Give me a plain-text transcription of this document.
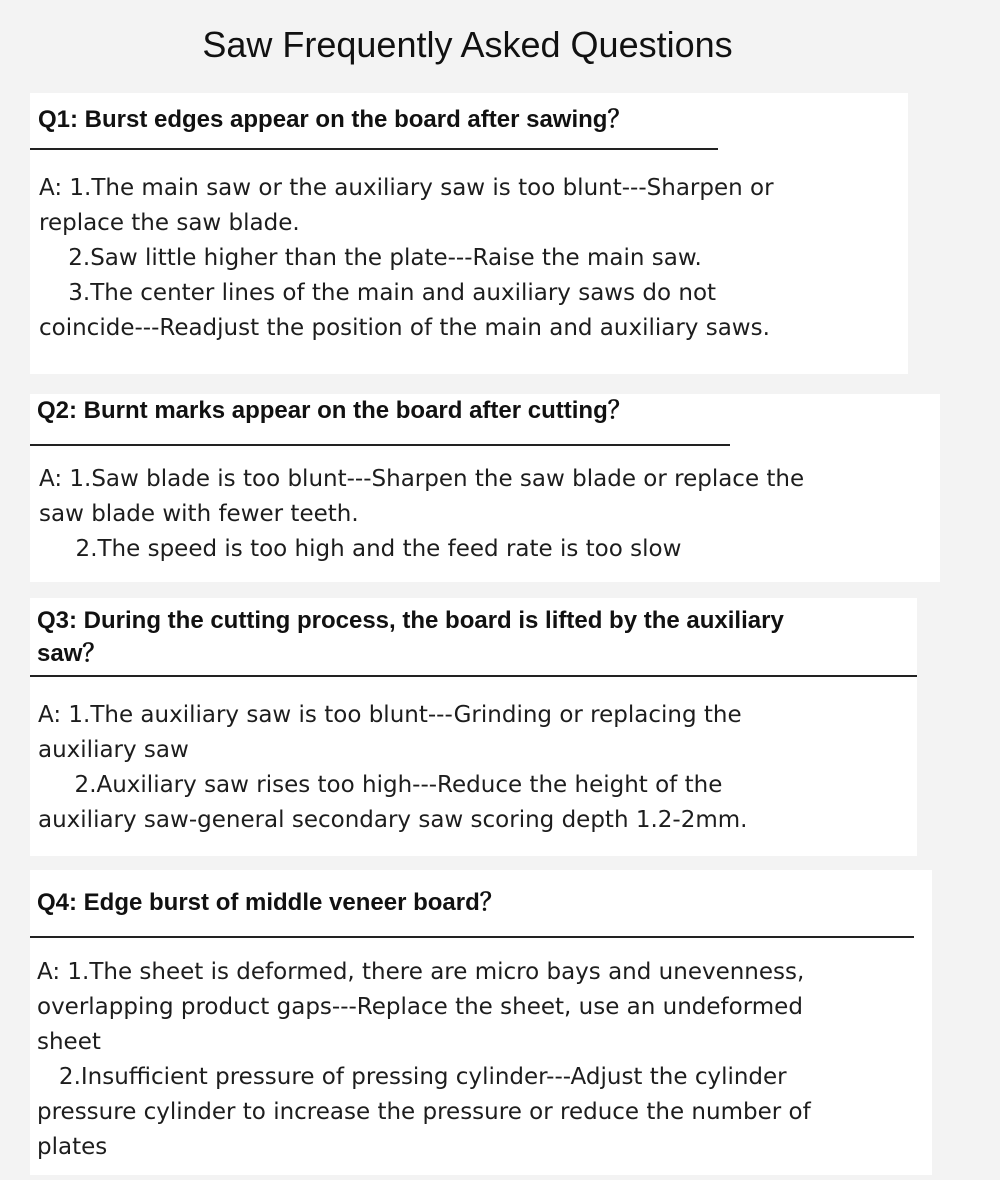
Saw Frequently Asked Questions

Q1: Burst edges appear on the board after sawing？

A: 1.The main saw or the auxiliary saw is too blunt---Sharpen or
replace the saw blade.
2.Saw little higher than the plate---Raise the main saw.
3.The center lines of the main and auxiliary saws do not
coincide---Readjust the position of the main and auxiliary saws.

Q2: Burnt marks appear on the board after cutting？

A: 1.Saw blade is too blunt---Sharpen the saw blade or replace the
saw blade with fewer teeth.
2.The speed is too high and the feed rate is too slow

Q3: During the cutting process, the board is lifted by the auxiliary
saw？

A: 1.The auxiliary saw is too blunt---Grinding or replacing the
auxiliary saw
2.Auxiliary saw rises too high---Reduce the height of the
auxiliary saw-general secondary saw scoring depth 1.2-2mm.

Q4: Edge burst of middle veneer board？

A: 1.The sheet is deformed, there are micro bays and unevenness,
overlapping product gaps---Replace the sheet, use an undeformed
sheet
2.Insufficient pressure of pressing cylinder---Adjust the cylinder
pressure cylinder to increase the pressure or reduce the number of
plates
